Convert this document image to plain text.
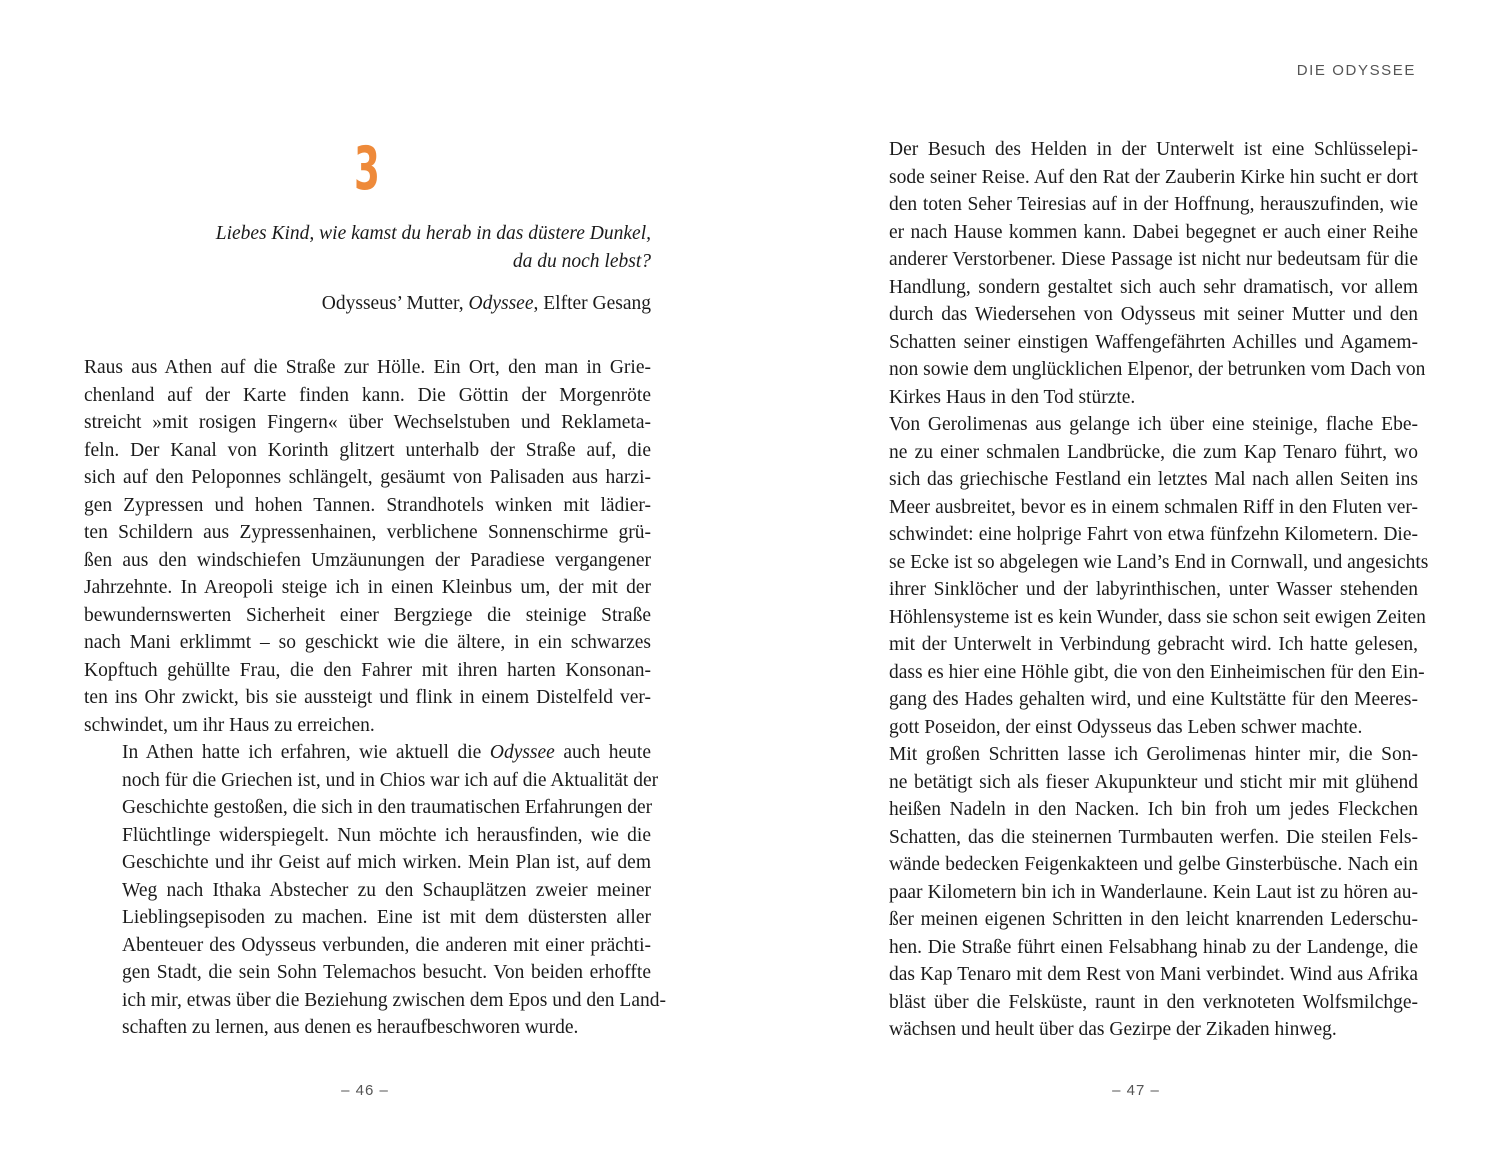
3
Liebes Kind, wie kamst du herab in das düstere Dunkel,
da du noch lebst?
Odysseus’ Mutter, Odyssee, Elfter Gesang

Raus aus Athen auf die Straße zur Hölle. Ein Ort, den man in Grie-
chenland auf der Karte finden kann. Die Göttin der Morgenröte
streicht »mit rosigen Fingern« über Wechselstuben und Reklameta-
feln. Der Kanal von Korinth glitzert unterhalb der Straße auf, die
sich auf den Peloponnes schlängelt, gesäumt von Palisaden aus harzi-
gen Zypressen und hohen Tannen. Strandhotels winken mit lädier-
ten Schildern aus Zypressenhainen, verblichene Sonnenschirme grü-
ßen aus den windschiefen Umzäunungen der Paradiese vergangener
Jahrzehnte. In Areopoli steige ich in einen Kleinbus um, der mit der
bewundernswerten Sicherheit einer Bergziege die steinige Straße
nach Mani erklimmt – so geschickt wie die ältere, in ein schwarzes
Kopftuch gehüllte Frau, die den Fahrer mit ihren harten Konsonan-
ten ins Ohr zwickt, bis sie aussteigt und flink in einem Distelfeld ver-
schwindet, um ihr Haus zu erreichen.

In Athen hatte ich erfahren, wie aktuell die Odyssee auch heute
noch für die Griechen ist, und in Chios war ich auf die Aktualität der
Geschichte gestoßen, die sich in den traumatischen Erfahrungen der
Flüchtlinge widerspiegelt. Nun möchte ich herausfinden, wie die
Geschichte und ihr Geist auf mich wirken. Mein Plan ist, auf dem
Weg nach Ithaka Abstecher zu den Schauplätzen zweier meiner
Lieblingsepisoden zu machen. Eine ist mit dem düstersten aller
Abenteuer des Odysseus verbunden, die anderen mit einer prächti-
gen Stadt, die sein Sohn Telemachos besucht. Von beiden erhoffte
ich mir, etwas über die Beziehung zwischen dem Epos und den Land-
schaften zu lernen, aus denen es heraufbeschworen wurde.

– 46 –
DIE ODYSSEE

Der Besuch des Helden in der Unterwelt ist eine Schlüsselepi-
sode seiner Reise. Auf den Rat der Zauberin Kirke hin sucht er dort
den toten Seher Teiresias auf in der Hoffnung, herauszufinden, wie
er nach Hause kommen kann. Dabei begegnet er auch einer Reihe
anderer Verstorbener. Diese Passage ist nicht nur bedeutsam für die
Handlung, sondern gestaltet sich auch sehr dramatisch, vor allem
durch das Wiedersehen von Odysseus mit seiner Mutter und den
Schatten seiner einstigen Waffengefährten Achilles und Agamem-
non sowie dem unglücklichen Elpenor, der betrunken vom Dach von
Kirkes Haus in den Tod stürzte.

Von Gerolimenas aus gelange ich über eine steinige, flache Ebe-
ne zu einer schmalen Landbrücke, die zum Kap Tenaro führt, wo
sich das griechische Festland ein letztes Mal nach allen Seiten ins
Meer ausbreitet, bevor es in einem schmalen Riff in den Fluten ver-
schwindet: eine holprige Fahrt von etwa fünfzehn Kilometern. Die-
se Ecke ist so abgelegen wie Land’s End in Cornwall, und angesichts
ihrer Sinklöcher und der labyrinthischen, unter Wasser stehenden
Höhlensysteme ist es kein Wunder, dass sie schon seit ewigen Zeiten
mit der Unterwelt in Verbindung gebracht wird. Ich hatte gelesen,
dass es hier eine Höhle gibt, die von den Einheimischen für den Ein-
gang des Hades gehalten wird, und eine Kultstätte für den Meeres-
gott Poseidon, der einst Odysseus das Leben schwer machte.

Mit großen Schritten lasse ich Gerolimenas hinter mir, die Son-
ne betätigt sich als fieser Akupunkteur und sticht mir mit glühend
heißen Nadeln in den Nacken. Ich bin froh um jedes Fleckchen
Schatten, das die steinernen Turmbauten werfen. Die steilen Fels-
wände bedecken Feigenkakteen und gelbe Ginsterbüsche. Nach ein
paar Kilometern bin ich in Wanderlaune. Kein Laut ist zu hören au-
ßer meinen eigenen Schritten in den leicht knarrenden Lederschu-
hen. Die Straße führt einen Felsabhang hinab zu der Landenge, die
das Kap Tenaro mit dem Rest von Mani verbindet. Wind aus Afrika
bläst über die Felsküste, raunt in den verknoteten Wolfsmilchge-
wächsen und heult über das Gezirpe der Zikaden hinweg.

– 47 –
